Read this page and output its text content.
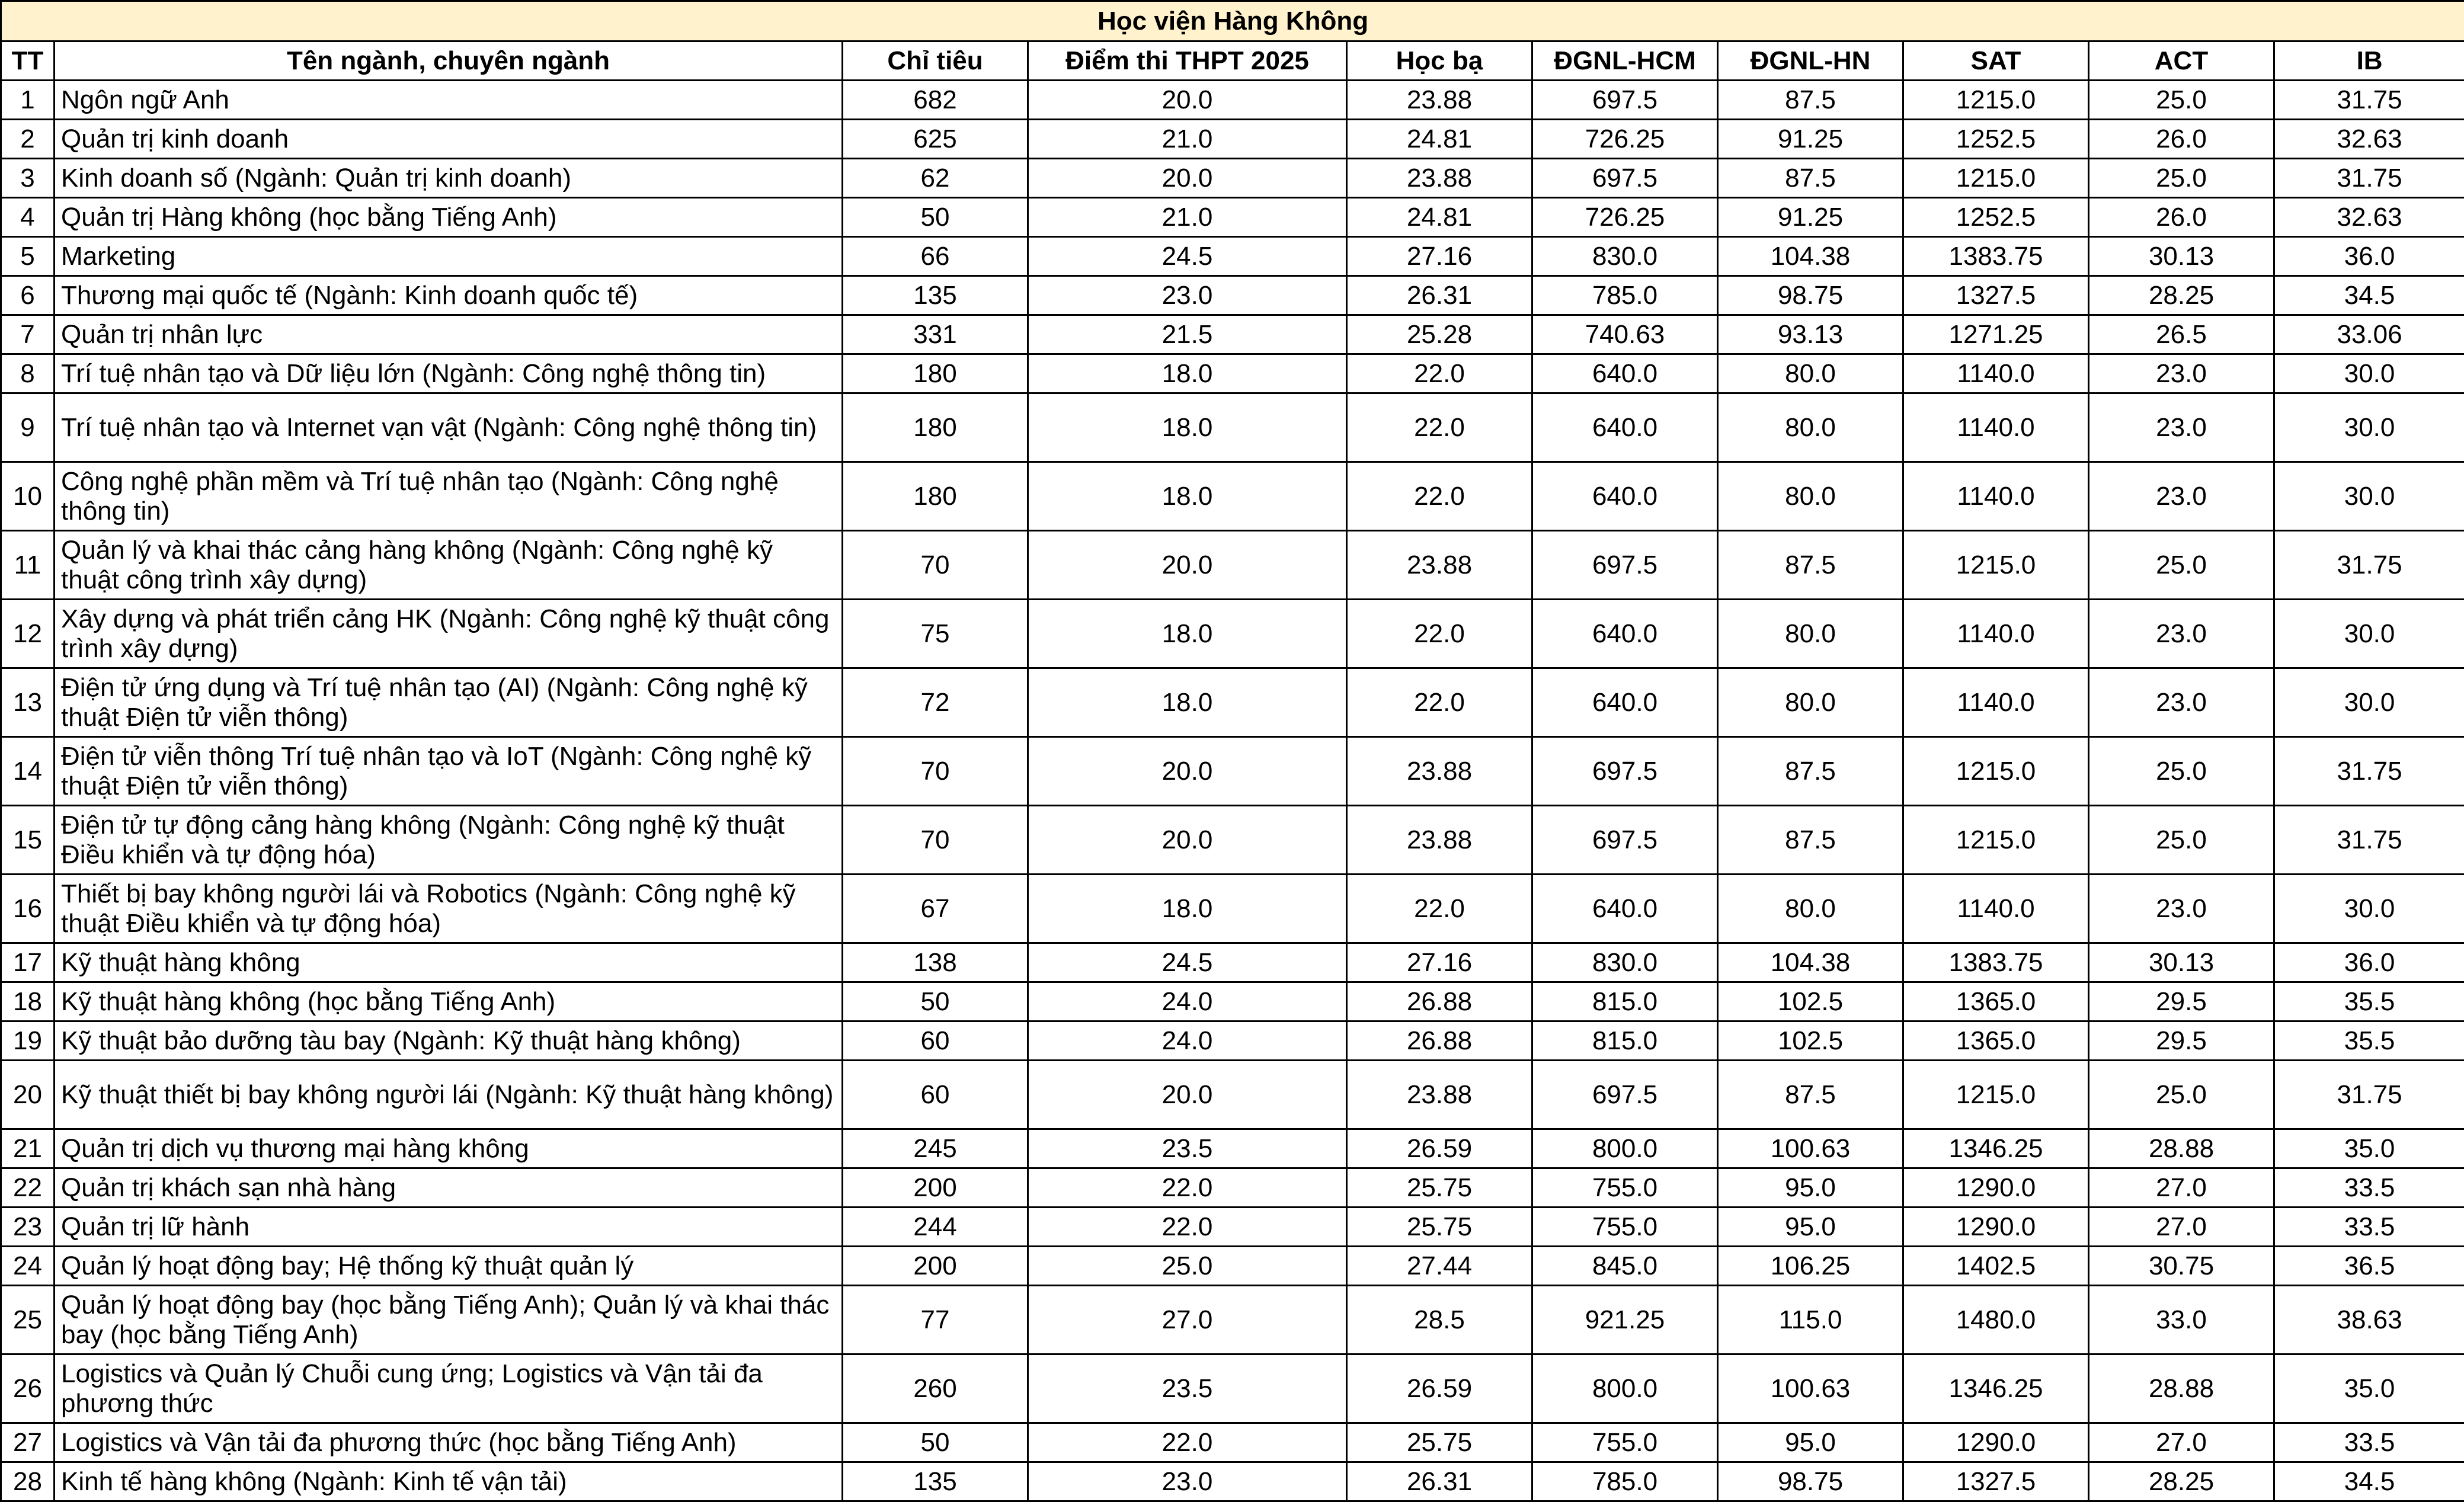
Học viện Hàng Không									
TT	Tên ngành, chuyên ngành	Chỉ tiêu	Điểm thi THPT 2025	Học bạ	ĐGNL-HCM	ĐGNL-HN	SAT	ACT	IB
1	Ngôn ngữ Anh	682	20.0	23.88	697.5	87.5	1215.0	25.0	31.75
2	Quản trị kinh doanh	625	21.0	24.81	726.25	91.25	1252.5	26.0	32.63
3	Kinh doanh số (Ngành: Quản trị kinh doanh)	62	20.0	23.88	697.5	87.5	1215.0	25.0	31.75
4	Quản trị Hàng không (học bằng Tiếng Anh)	50	21.0	24.81	726.25	91.25	1252.5	26.0	32.63
5	Marketing	66	24.5	27.16	830.0	104.38	1383.75	30.13	36.0
6	Thương mại quốc tế (Ngành: Kinh doanh quốc tế)	135	23.0	26.31	785.0	98.75	1327.5	28.25	34.5
7	Quản trị nhân lực	331	21.5	25.28	740.63	93.13	1271.25	26.5	33.06
8	Trí tuệ nhân tạo và Dữ liệu lớn (Ngành: Công nghệ thông tin)	180	18.0	22.0	640.0	80.0	1140.0	23.0	30.0
9	Trí tuệ nhân tạo và Internet vạn vật (Ngành: Công nghệ thông tin)	180	18.0	22.0	640.0	80.0	1140.0	23.0	30.0
10	Công nghệ phần mềm và Trí tuệ nhân tạo (Ngành: Công nghệ thông tin)	180	18.0	22.0	640.0	80.0	1140.0	23.0	30.0
11	Quản lý và khai thác cảng hàng không (Ngành: Công nghệ kỹ thuật công trình xây dựng)	70	20.0	23.88	697.5	87.5	1215.0	25.0	31.75
12	Xây dựng và phát triển cảng HK (Ngành: Công nghệ kỹ thuật công trình xây dựng)	75	18.0	22.0	640.0	80.0	1140.0	23.0	30.0
13	Điện tử ứng dụng và Trí tuệ nhân tạo (AI) (Ngành: Công nghệ kỹ thuật Điện tử viễn thông)	72	18.0	22.0	640.0	80.0	1140.0	23.0	30.0
14	Điện tử viễn thông Trí tuệ nhân tạo và IoT (Ngành: Công nghệ kỹ thuật Điện tử viễn thông)	70	20.0	23.88	697.5	87.5	1215.0	25.0	31.75
15	Điện tử tự động cảng hàng không (Ngành: Công nghệ kỹ thuật Điều khiển và tự động hóa)	70	20.0	23.88	697.5	87.5	1215.0	25.0	31.75
16	Thiết bị bay không người lái và Robotics (Ngành: Công nghệ kỹ thuật Điều khiển và tự động hóa)	67	18.0	22.0	640.0	80.0	1140.0	23.0	30.0
17	Kỹ thuật hàng không	138	24.5	27.16	830.0	104.38	1383.75	30.13	36.0
18	Kỹ thuật hàng không (học bằng Tiếng Anh)	50	24.0	26.88	815.0	102.5	1365.0	29.5	35.5
19	Kỹ thuật bảo dưỡng tàu bay (Ngành: Kỹ thuật hàng không)	60	24.0	26.88	815.0	102.5	1365.0	29.5	35.5
20	Kỹ thuật thiết bị bay không người lái (Ngành: Kỹ thuật hàng không)	60	20.0	23.88	697.5	87.5	1215.0	25.0	31.75
21	Quản trị dịch vụ thương mại hàng không	245	23.5	26.59	800.0	100.63	1346.25	28.88	35.0
22	Quản trị khách sạn nhà hàng	200	22.0	25.75	755.0	95.0	1290.0	27.0	33.5
23	Quản trị lữ hành	244	22.0	25.75	755.0	95.0	1290.0	27.0	33.5
24	Quản lý hoạt động bay; Hệ thống kỹ thuật quản lý	200	25.0	27.44	845.0	106.25	1402.5	30.75	36.5
25	Quản lý hoạt động bay (học bằng Tiếng Anh); Quản lý và khai thác bay (học bằng Tiếng Anh)	77	27.0	28.5	921.25	115.0	1480.0	33.0	38.63
26	Logistics và Quản lý Chuỗi cung ứng; Logistics và Vận tải đa phương thức	260	23.5	26.59	800.0	100.63	1346.25	28.88	35.0
27	Logistics và Vận tải đa phương thức (học bằng Tiếng Anh)	50	22.0	25.75	755.0	95.0	1290.0	27.0	33.5
28	Kinh tế hàng không (Ngành: Kinh tế vận tải)	135	23.0	26.31	785.0	98.75	1327.5	28.25	34.5
